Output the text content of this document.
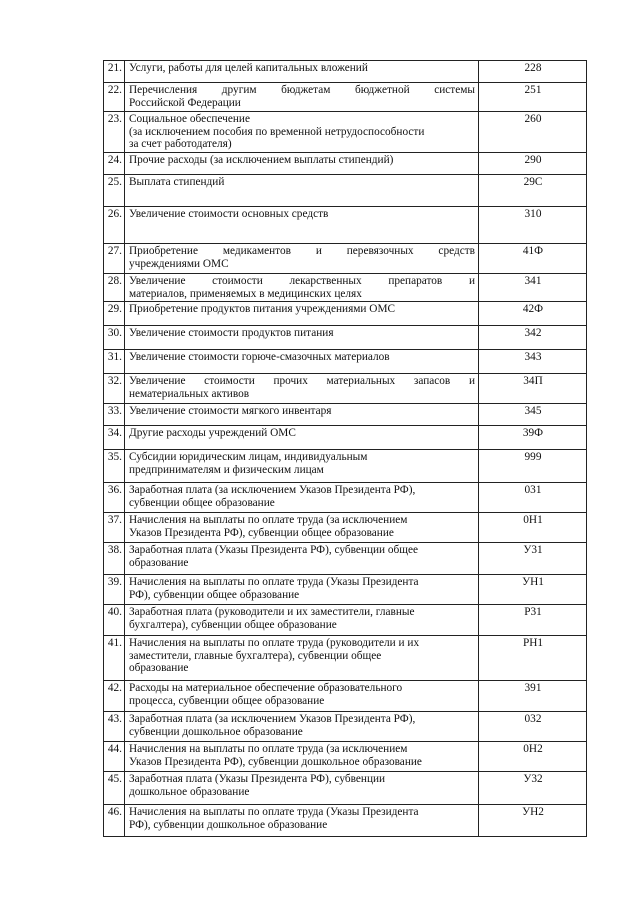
21.	Услуги, работы для целей капитальных вложений	228
22.	Перечисления другим бюджетам бюджетной системы
Российской Федерации	251
23.	Социальное обеспечение
(за исключением пособия по временной нетрудоспособности
за счет работодателя)	260
24.	Прочие расходы (за исключением выплаты стипендий)	290
25.	Выплата стипендий	29С
26.	Увеличение стоимости основных средств	310
27.	Приобретение медикаментов и перевязочных средств
учреждениями ОМС	41Ф
28.	Увеличение стоимости лекарственных препаратов и
материалов, применяемых в медицинских целях	341
29.	Приобретение продуктов питания учреждениями ОМС	42Ф
30.	Увеличение стоимости продуктов питания	342
31.	Увеличение стоимости горюче-смазочных материалов	343
32.	Увеличение стоимости прочих материальных запасов и
нематериальных активов	34П
33.	Увеличение стоимости мягкого инвентаря	345
34.	Другие расходы учреждений ОМС	39Ф
35.	Субсидии юридическим лицам, индивидуальным
предпринимателям и физическим лицам	999
36.	Заработная плата (за исключением Указов Президента РФ),
субвенции общее образование	031
37.	Начисления на выплаты по оплате труда (за исключением
Указов Президента РФ), субвенции общее образование	0Н1
38.	Заработная плата (Указы Президента РФ), субвенции общее
образование	У31
39.	Начисления на выплаты по оплате труда (Указы Президента
РФ), субвенции общее образование	УН1
40.	Заработная плата (руководители и их заместители, главные
бухгалтера), субвенции общее образование	Р31
41.	Начисления на выплаты по оплате труда (руководители и их
заместители, главные бухгалтера), субвенции общее
образование	РН1
42.	Расходы на материальное обеспечение образовательного
процесса, субвенции общее образование	391
43.	Заработная плата (за исключением Указов Президента РФ),
субвенции дошкольное образование	032
44.	Начисления на выплаты по оплате труда (за исключением
Указов Президента РФ), субвенции дошкольное образование	0Н2
45.	Заработная плата (Указы Президента РФ), субвенции
дошкольное образование	У32
46.	Начисления на выплаты по оплате труда (Указы Президента
РФ), субвенции дошкольное образование	УН2
